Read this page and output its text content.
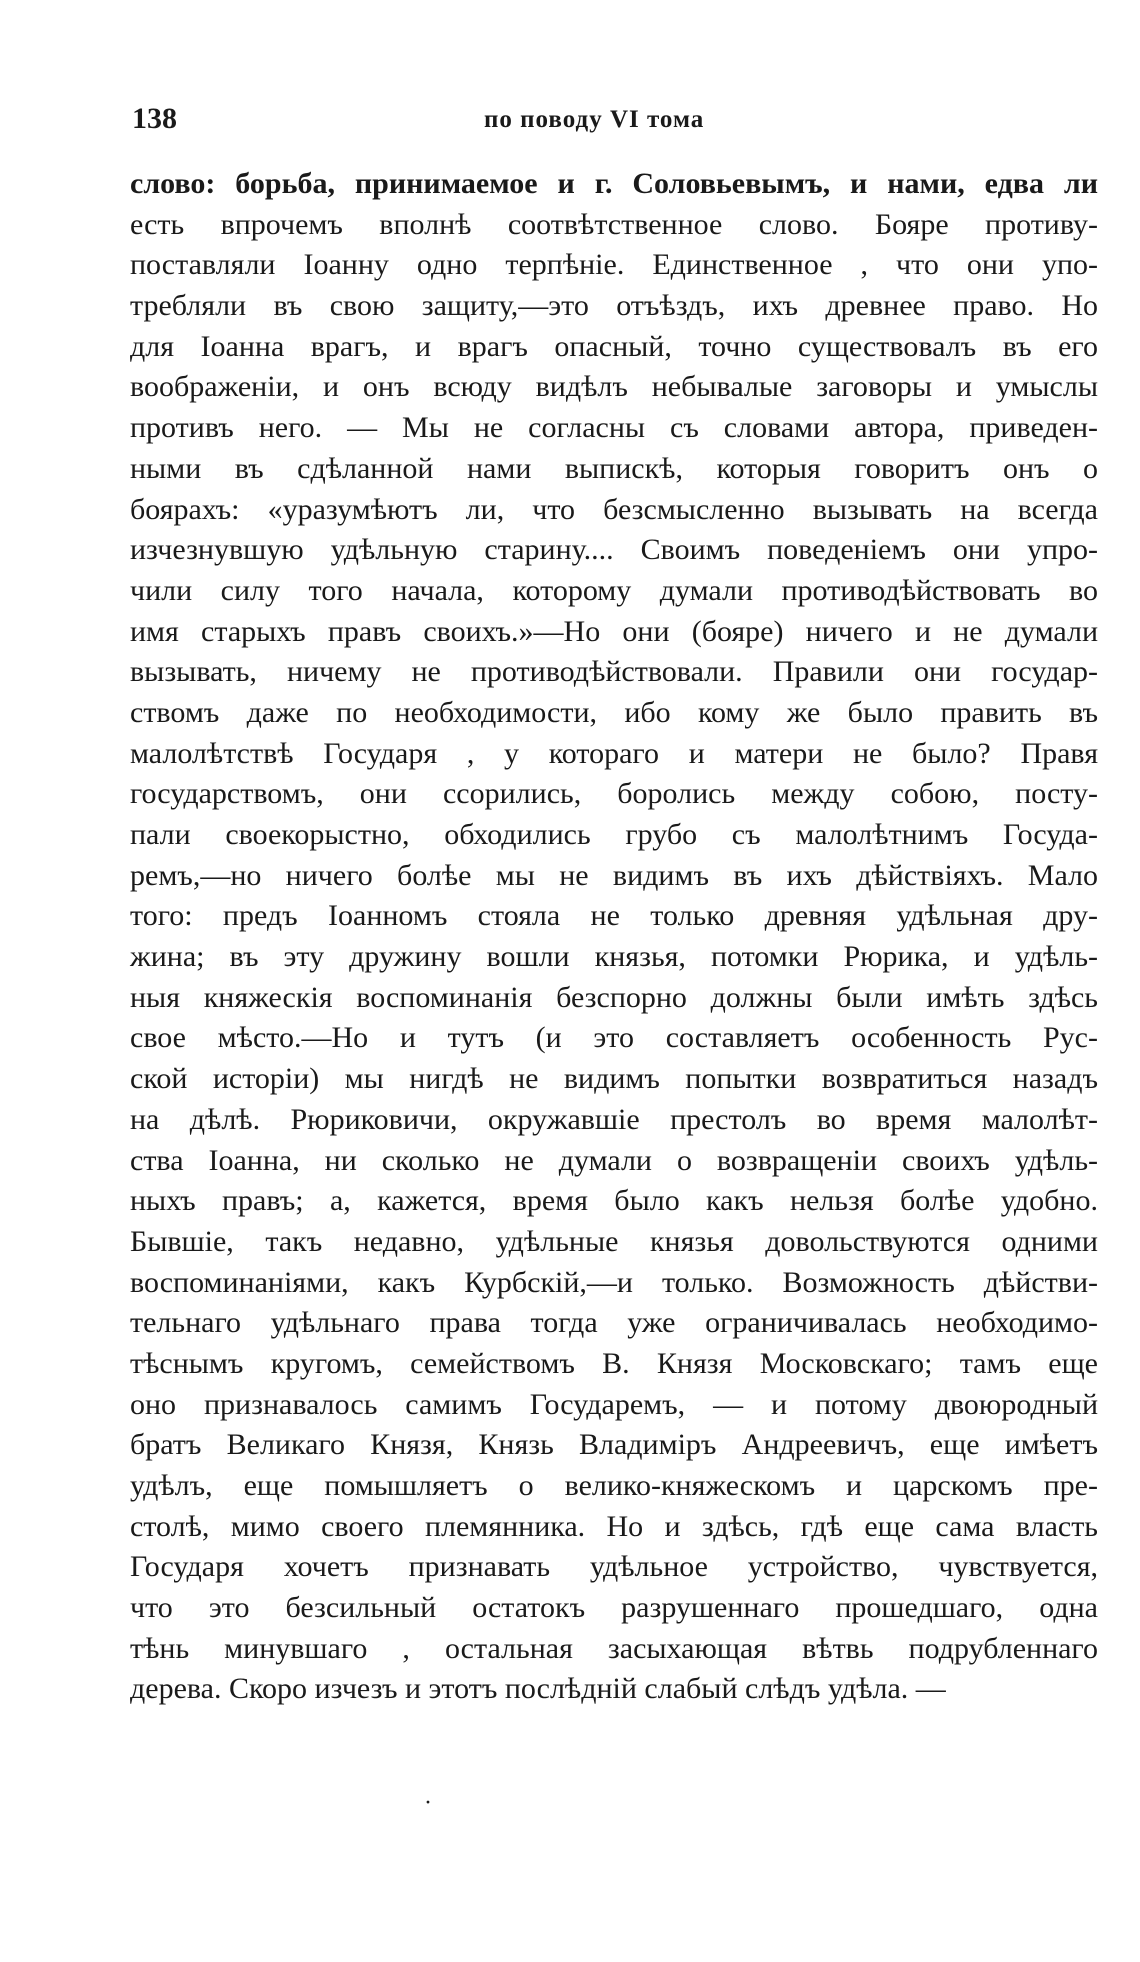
138	по поводу VI тома
слово: борьба, принимаемое и г. Соловьевымъ, и нами, едва ли
есть впрочемъ вполнѣ соотвѣтственное слово. Бояре противу-
поставляли Іоанну одно терпѣніе. Единственное , что они упо-
требляли въ свою защиту,—это отъѣздъ, ихъ древнее право. Но
для Іоанна врагъ, и врагъ опасный, точно существовалъ въ его
воображеніи, и онъ всюду видѣлъ небывалые заговоры и умыслы
противъ него. — Мы не согласны съ словами автора, приведен-
ными въ сдѣланной нами выпискѣ, которыя говоритъ онъ о
боярахъ: «уразумѣютъ ли, что безсмысленно вызывать на всегда
изчезнувшую удѣльную старину.... Своимъ поведеніемъ они упро-
чили силу того начала, которому думали противодѣйствовать во
имя старыхъ правъ своихъ.»—Но они (бояре) ничего и не думали
вызывать, ничему не противодѣйствовали. Правили они государ-
ствомъ даже по необходимости, ибо кому же было править въ
малолѣтствѣ Государя , у котораго и матери не было? Правя
государствомъ, они ссорились, боролись между собою, посту-
пали своекорыстно, обходились грубо съ малолѣтнимъ Госуда-
ремъ,—но ничего болѣе мы не видимъ въ ихъ дѣйствіяхъ. Мало
того: предъ Іоанномъ стояла не только древняя удѣльная дру-
жина; въ эту дружину вошли князья, потомки Рюрика, и удѣль-
ныя княжескія воспоминанія безспорно должны были имѣть здѣсь
свое мѣсто.—Но и тутъ (и это составляетъ особенность Рус-
ской исторіи) мы нигдѣ не видимъ попытки возвратиться назадъ
на дѣлѣ. Рюриковичи, окружавшіе престолъ во время малолѣт-
ства Іоанна, ни сколько не думали о возвращеніи своихъ удѣль-
ныхъ правъ; а, кажется, время было какъ нельзя болѣе удобно.
Бывшіе, такъ недавно, удѣльные князья довольствуются одними
воспоминаніями, какъ Курбскій,—и только. Возможность дѣйстви-
тельнаго удѣльнаго права тогда уже ограничивалась необходимо-
тѣснымъ кругомъ, семействомъ В. Князя Московскаго; тамъ еще
оно признавалось самимъ Государемъ, — и потому двоюродный
братъ Великаго Князя, Князь Владиміръ Андреевичъ, еще имѣетъ
удѣлъ, еще помышляетъ о велико-княжескомъ и царскомъ пре-
столѣ, мимо своего племянника. Но и здѣсь, гдѣ еще сама власть
Государя хочетъ признавать удѣльное устройство, чувствуется,
что это безсильный остатокъ разрушеннаго прошедшаго, одна
тѣнь минувшаго , остальная засыхающая вѣтвь подрубленнаго
дерева. Скоро изчезъ и этотъ послѣдній слабый слѣдъ удѣла. —
·
